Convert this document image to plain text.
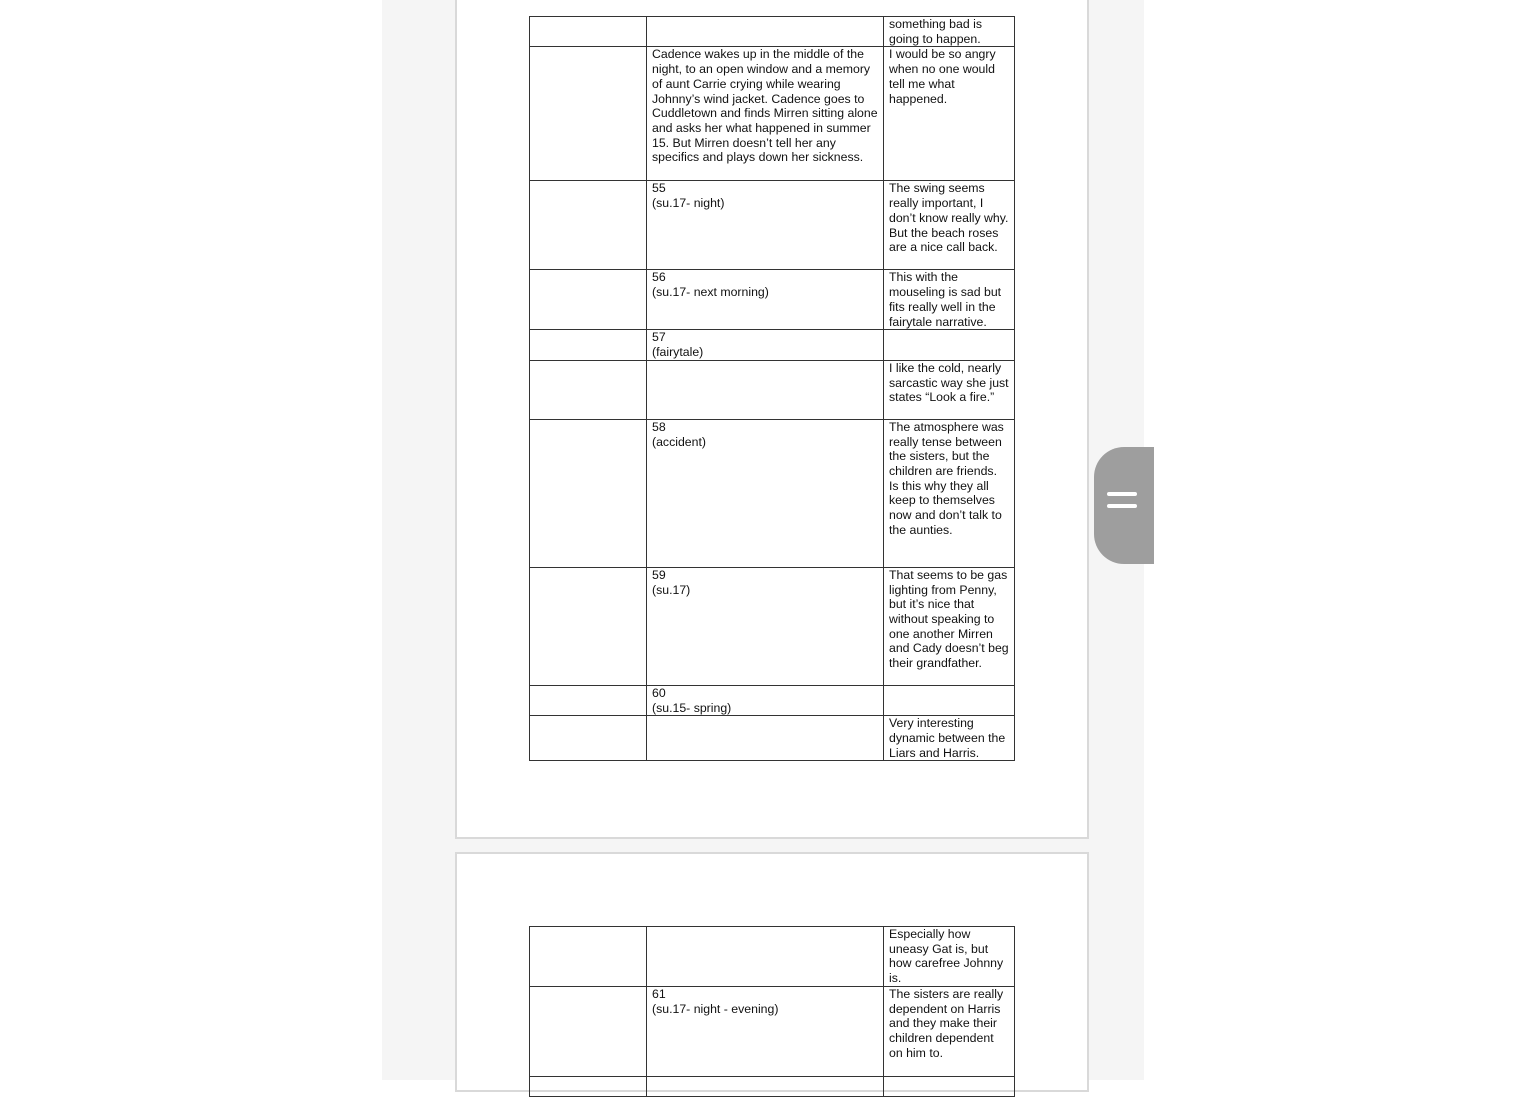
		something bad is going to happen.
	Cadence wakes up in the middle of the night, to an open window and a memory of aunt Carrie crying while wearing Johnny’s wind jacket. Cadence goes to Cuddletown and finds Mirren sitting alone and asks her what happened in summer 15. But Mirren doesn’t tell her any specifics and plays down her sickness.	I would be so angry when no one would tell me what happened.
	55
(su.17- night)	The swing seems really important, I don’t know really why. But the beach roses are a nice call back.
	56
(su.17- next morning)	This with the mouseling is sad but fits really well in the fairytale narrative.
	57
(fairytale)	
		I like the cold, nearly sarcastic way she just states “Look a fire.”
	58
(accident)	The atmosphere was really tense between the sisters, but the children are friends. Is this why they all keep to themselves now and don’t talk to the aunties.
	59
(su.17)	That seems to be gas lighting from Penny, but it’s nice that without speaking to one another Mirren and Cady doesn’t beg their grandfather.
	60
(su.15- spring)	
		Very interesting dynamic between the Liars and Harris.
		Especially how uneasy Gat is, but how carefree Johnny is.
	61
(su.17- night - evening)	The sisters are really dependent on Harris and they make their children dependent on him to.
